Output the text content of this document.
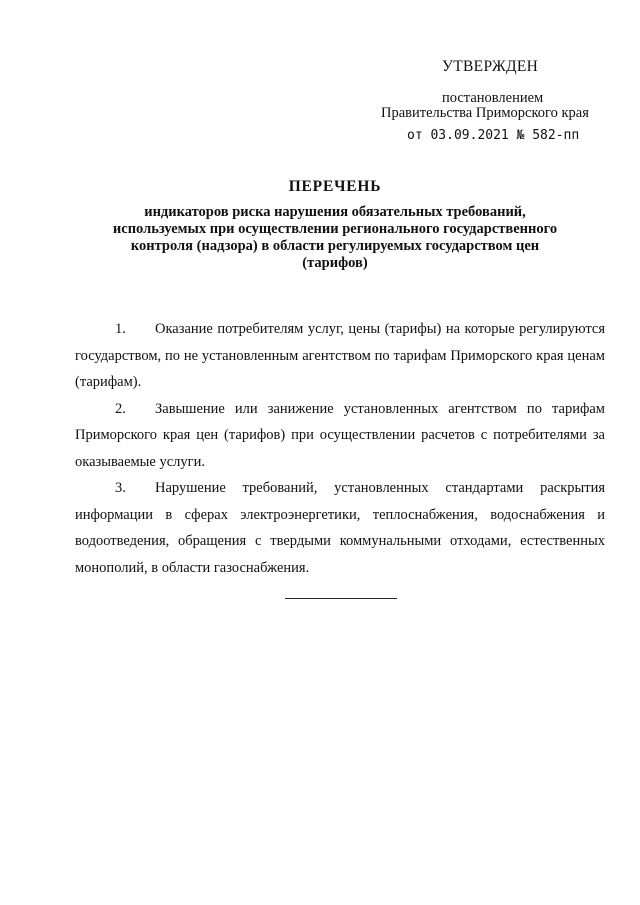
УТВЕРЖДЕН
постановлением
Правительства Приморского края
от 03.09.2021 № 582-пп
ПЕРЕЧЕНЬ
индикаторов риска нарушения обязательных требований, используемых при осуществлении регионального государственного контроля (надзора) в области регулируемых государством цен (тарифов)

1. Оказание потребителям услуг, цены (тарифы) на которые регулируются государством, по не установленным агентством по тарифам Приморского края ценам (тарифам).

2. Завышение или занижение установленных агентством по тарифам Приморского края цен (тарифов) при осуществлении расчетов с потребителями за оказываемые услуги.

3. Нарушение требований, установленных стандартами раскрытия информации в сферах электроэнергетики, теплоснабжения, водоснабжения и водоотведения, обращения с твердыми коммунальными отходами, естественных монополий, в области газоснабжения.
